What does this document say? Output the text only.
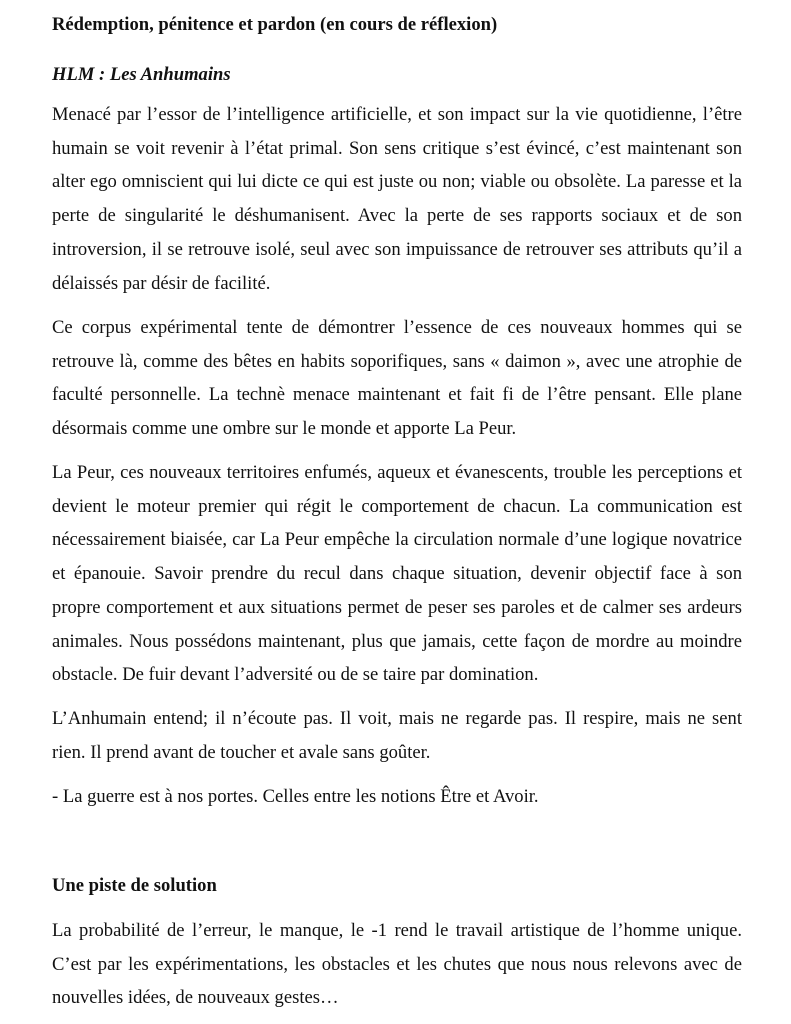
Rédemption, pénitence et pardon (en cours de réflexion)
HLM : Les Anhumains

Menacé par l’essor de l’intelligence artificielle, et son impact sur la vie quotidienne, l’être humain se voit revenir à l’état primal. Son sens critique s’est évincé, c’est maintenant son alter ego omniscient qui lui dicte ce qui est juste ou non; viable ou obsolète. La paresse et la perte de singularité le déshumanisent. Avec la perte de ses rapports sociaux et de son introversion, il se retrouve isolé, seul avec son impuissance de retrouver ses attributs qu’il a délaissés par désir de facilité.

Ce corpus expérimental tente de démontrer l’essence de ces nouveaux hommes qui se retrouve là, comme des bêtes en habits soporifiques, sans « daimon », avec une atrophie de faculté personnelle. La technè menace maintenant et fait fi de l’être pensant. Elle plane désormais comme une ombre sur le monde et apporte La Peur.

La Peur, ces nouveaux territoires enfumés, aqueux et évanescents, trouble les perceptions et devient le moteur premier qui régit le comportement de chacun. La communication est nécessairement biaisée, car La Peur empêche la circulation normale d’une logique novatrice et épanouie. Savoir prendre du recul dans chaque situation, devenir objectif face à son propre comportement et aux situations permet de peser ses paroles et de calmer ses ardeurs animales. Nous possédons maintenant, plus que jamais, cette façon de mordre au moindre obstacle. De fuir devant l’adversité ou de se taire par domination.

L’Anhumain entend; il n’écoute pas. Il voit, mais ne regarde pas. Il respire, mais ne sent rien. Il prend avant de toucher et avale sans goûter.

- La guerre est à nos portes. Celles entre les notions Être et Avoir.

Une piste de solution

La probabilité de l’erreur, le manque, le -1 rend le travail artistique de l’homme unique. C’est par les expérimentations, les obstacles et les chutes que nous nous relevons avec de nouvelles idées, de nouveaux gestes…
